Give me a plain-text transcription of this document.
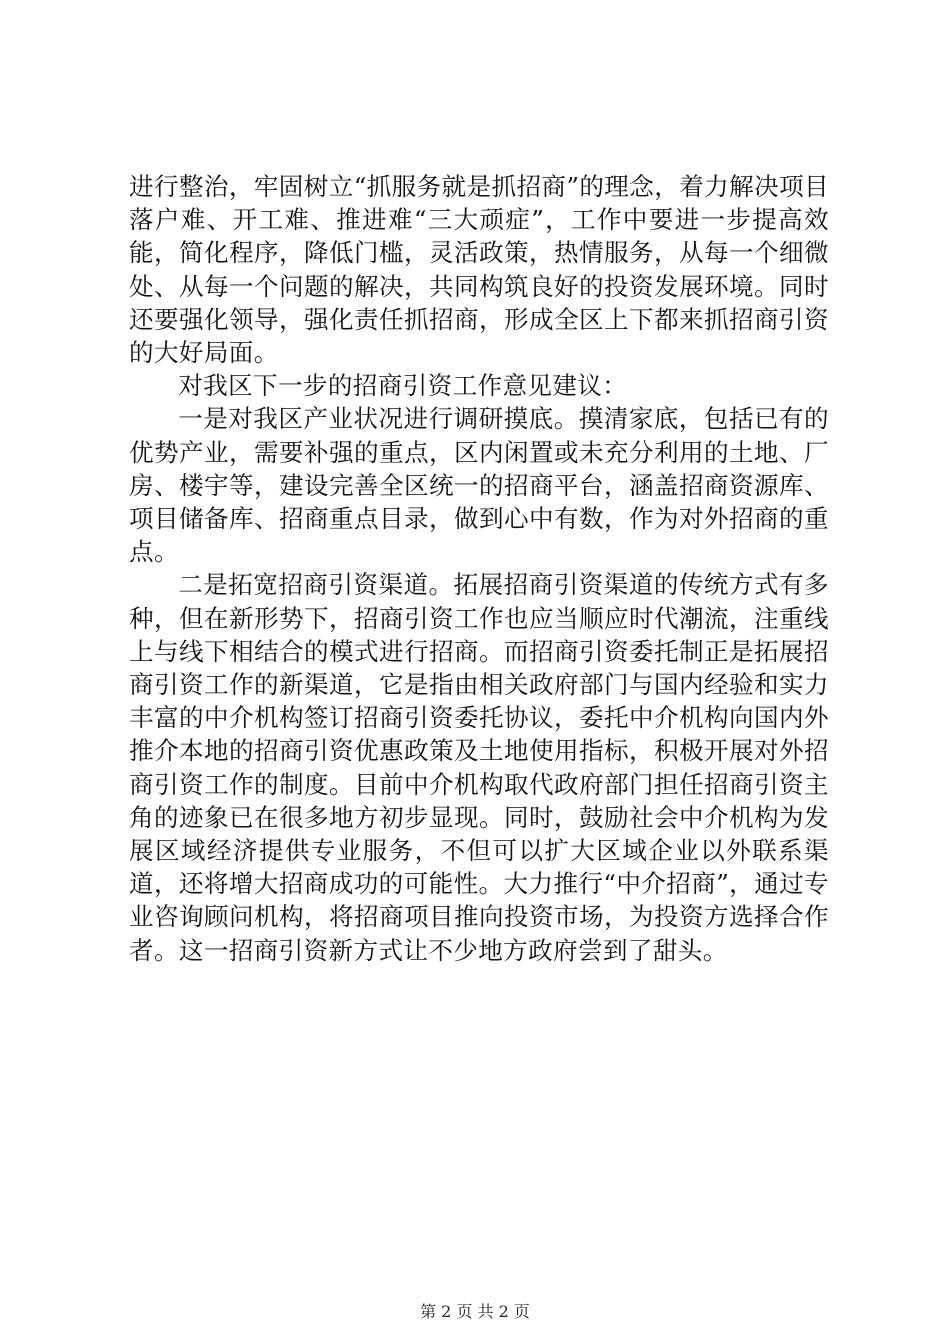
进行整治，牢固树立“抓服务就是抓招商”的理念，着力解决项目落户难、开工难、推进难“三大顽症”，工作中要进一步提高效能，简化程序，降低门槛，灵活政策，热情服务，从每一个细微处、从每一个问题的解决，共同构筑良好的投资发展环境。同时还要强化领导，强化责任抓招商，形成全区上下都来抓招商引资的大好局面。

对我区下一步的招商引资工作意见建议：

一是对我区产业状况进行调研摸底。摸清家底，包括已有的优势产业，需要补强的重点，区内闲置或未充分利用的土地、厂房、楼宇等，建设完善全区统一的招商平台，涵盖招商资源库、项目储备库、招商重点目录，做到心中有数，作为对外招商的重点。

二是拓宽招商引资渠道。拓展招商引资渠道的传统方式有多种，但在新形势下，招商引资工作也应当顺应时代潮流，注重线上与线下相结合的模式进行招商。而招商引资委托制正是拓展招商引资工作的新渠道，它是指由相关政府部门与国内经验和实力丰富的中介机构签订招商引资委托协议，委托中介机构向国内外推介本地的招商引资优惠政策及土地使用指标，积极开展对外招商引资工作的制度。目前中介机构取代政府部门担任招商引资主角的迹象已在很多地方初步显现。同时，鼓励社会中介机构为发展区域经济提供专业服务，不但可以扩大区域企业以外联系渠道，还将增大招商成功的可能性。大力推行“中介招商”，通过专业咨询顾问机构，将招商项目推向投资市场，为投资方选择合作者。这一招商引资新方式让不少地方政府尝到了甜头。

第 2 页 共 2 页
